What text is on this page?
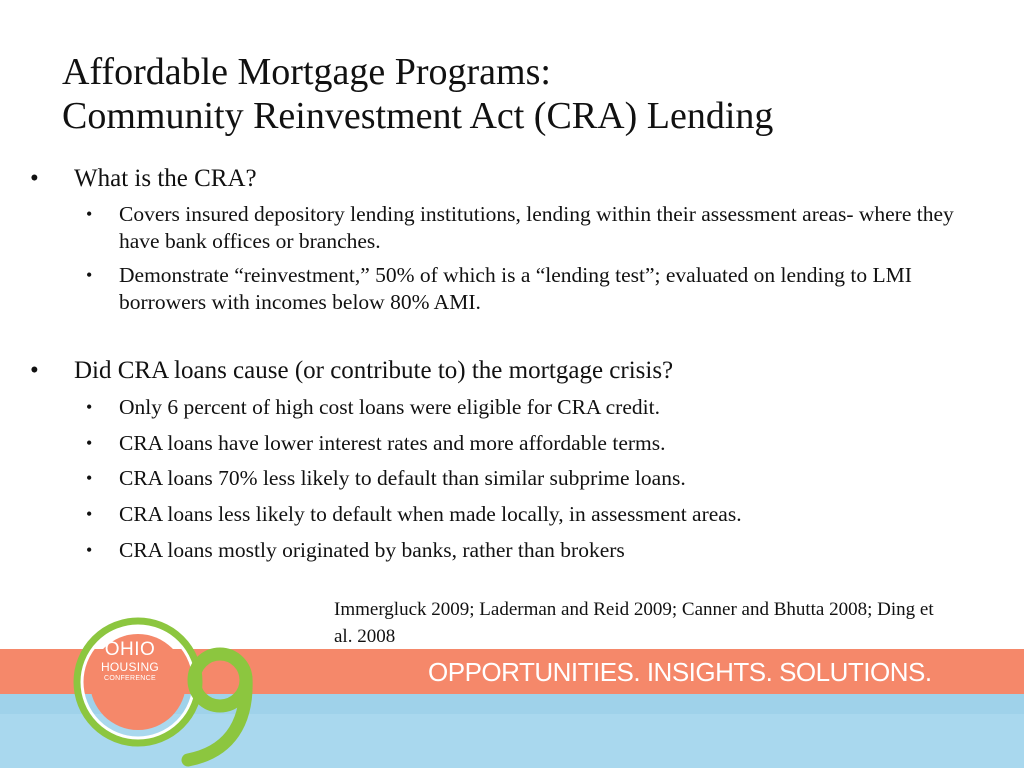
Affordable Mortgage Programs:
Community Reinvestment Act (CRA) Lending
• What is the CRA?
• Covers insured depository lending institutions, lending within their assessment areas- where they have bank offices or branches.
• Demonstrate “reinvestment,” 50% of which is a “lending test”; evaluated on lending to LMI borrowers with incomes below 80% AMI.
• Did CRA loans cause (or contribute to) the mortgage crisis?
• Only 6 percent of high cost loans were eligible for CRA credit.
• CRA loans have lower interest rates and more affordable terms.
• CRA loans 70% less likely to default than similar subprime loans.
• CRA loans less likely to default when made locally, in assessment areas.
• CRA loans mostly originated by banks, rather than brokers
Immergluck 2009; Laderman and Reid 2009; Canner and Bhutta 2008; Ding et al. 2008
OPPORTUNITIES. INSIGHTS. SOLUTIONS.
OHIO
HOUSING
CONFERENCE
